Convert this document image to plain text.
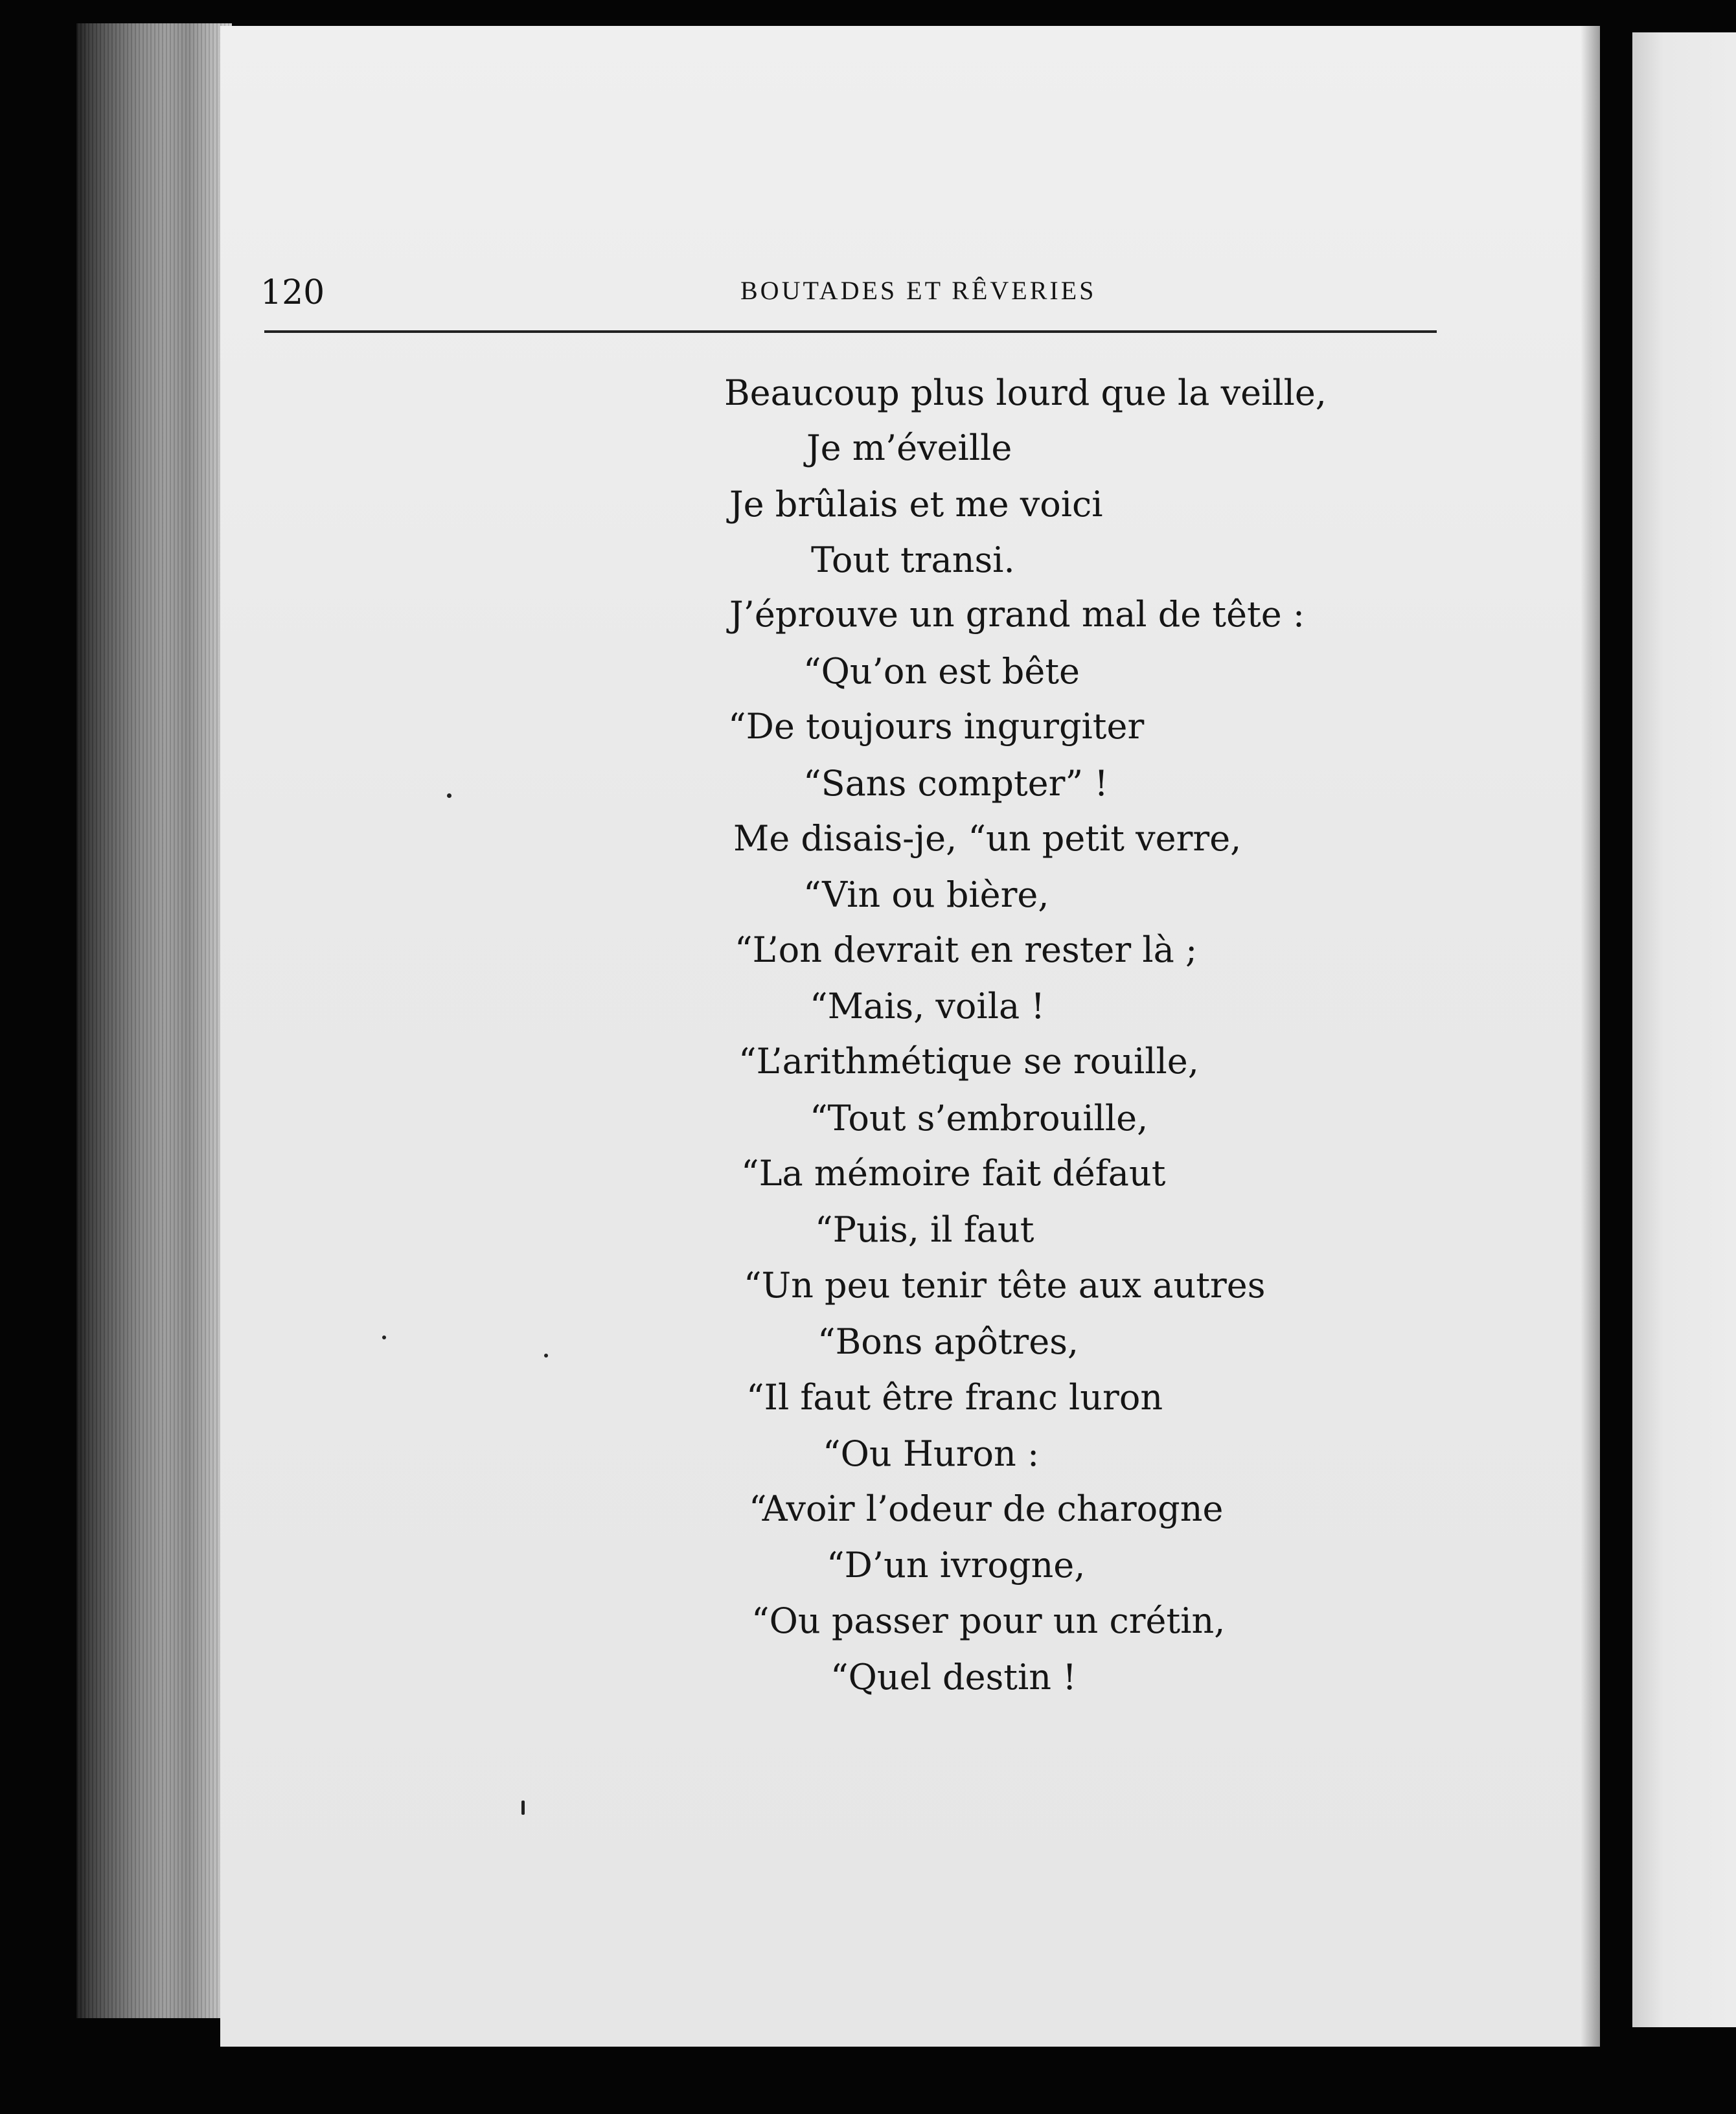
120	BOUTADES ET RÊVERIES
Beaucoup plus lourd que la veille,
Je m’éveille
Je brûlais et me voici
Tout transi.
J’éprouve un grand mal de tête :
“Qu’on est bête
“De toujours ingurgiter
“Sans compter” !
Me disais-je, “un petit verre,
“Vin ou bière,
“L’on devrait en rester là ;
“Mais, voila !
“L’arithmétique se rouille,
“Tout s’embrouille,
“La mémoire fait défaut
“Puis, il faut
“Un peu tenir tête aux autres
“Bons apôtres,
“Il faut être franc luron
“Ou Huron :
“Avoir l’odeur de charogne
“D’un ivrogne,
“Ou passer pour un crétin,
“Quel destin !
